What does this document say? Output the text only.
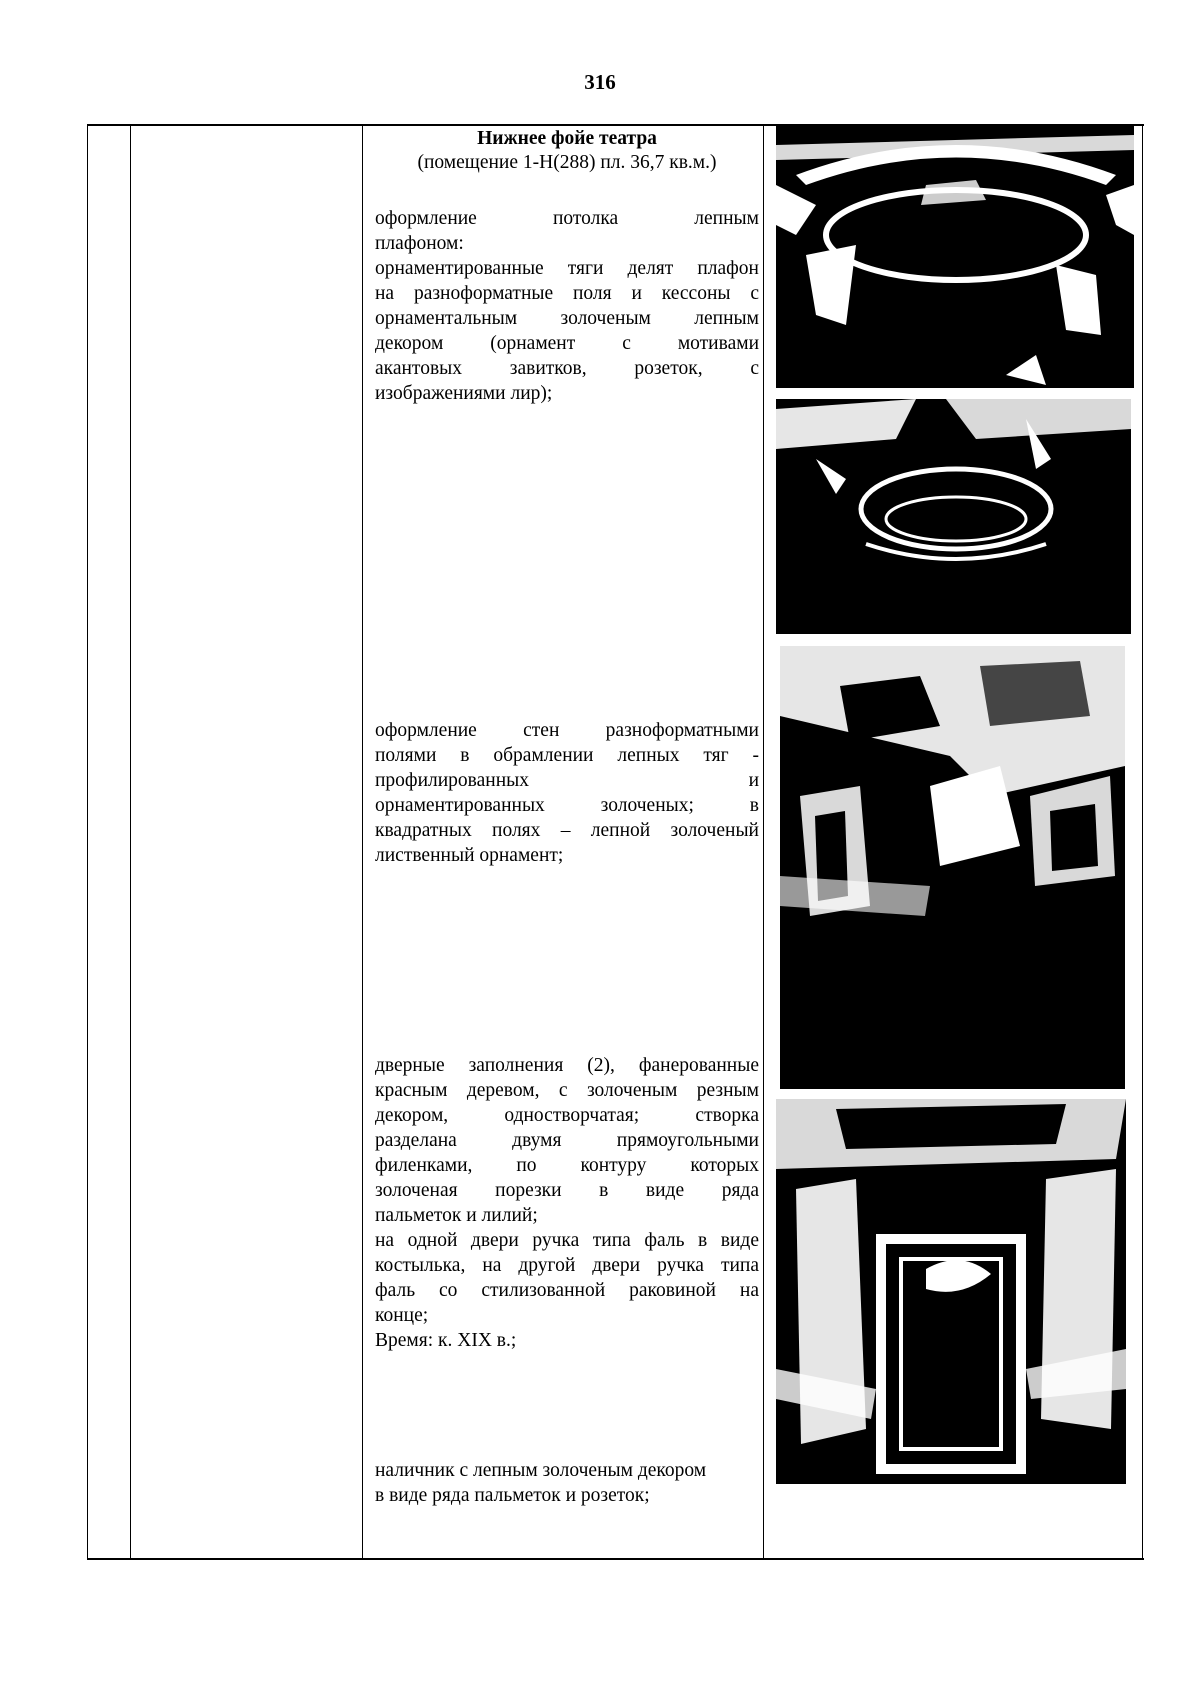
316
Нижнее фойе театра
(помещение 1-Н(288) пл. 36,7 кв.м.)
оформление потолка лепным
плафоном:
орнаментированные тяги делят плафон
на разноформатные поля и кессоны с
орнаментальным золоченым лепным
декором (орнамент с мотивами
акантовых завитков, розеток, с
изображениями лир);
оформление стен разноформатными
полями в обрамлении лепных тяг -
профилированных и
орнаментированных золоченых; в
квадратных полях – лепной золоченый
лиственный орнамент;
дверные заполнения (2), фанерованные
красным деревом, с золоченым резным
декором, одностворчатая; створка
разделана двумя прямоугольными
филенками, по контуру которых
золоченая порезки в виде ряда
пальметок и лилий;
на одной двери ручка типа фаль в виде
костылька, на другой двери ручка типа
фаль со стилизованной раковиной на
конце;
Время: к. XIX в.;
наличник с лепным золоченым декором
в виде ряда пальметок и розеток;
